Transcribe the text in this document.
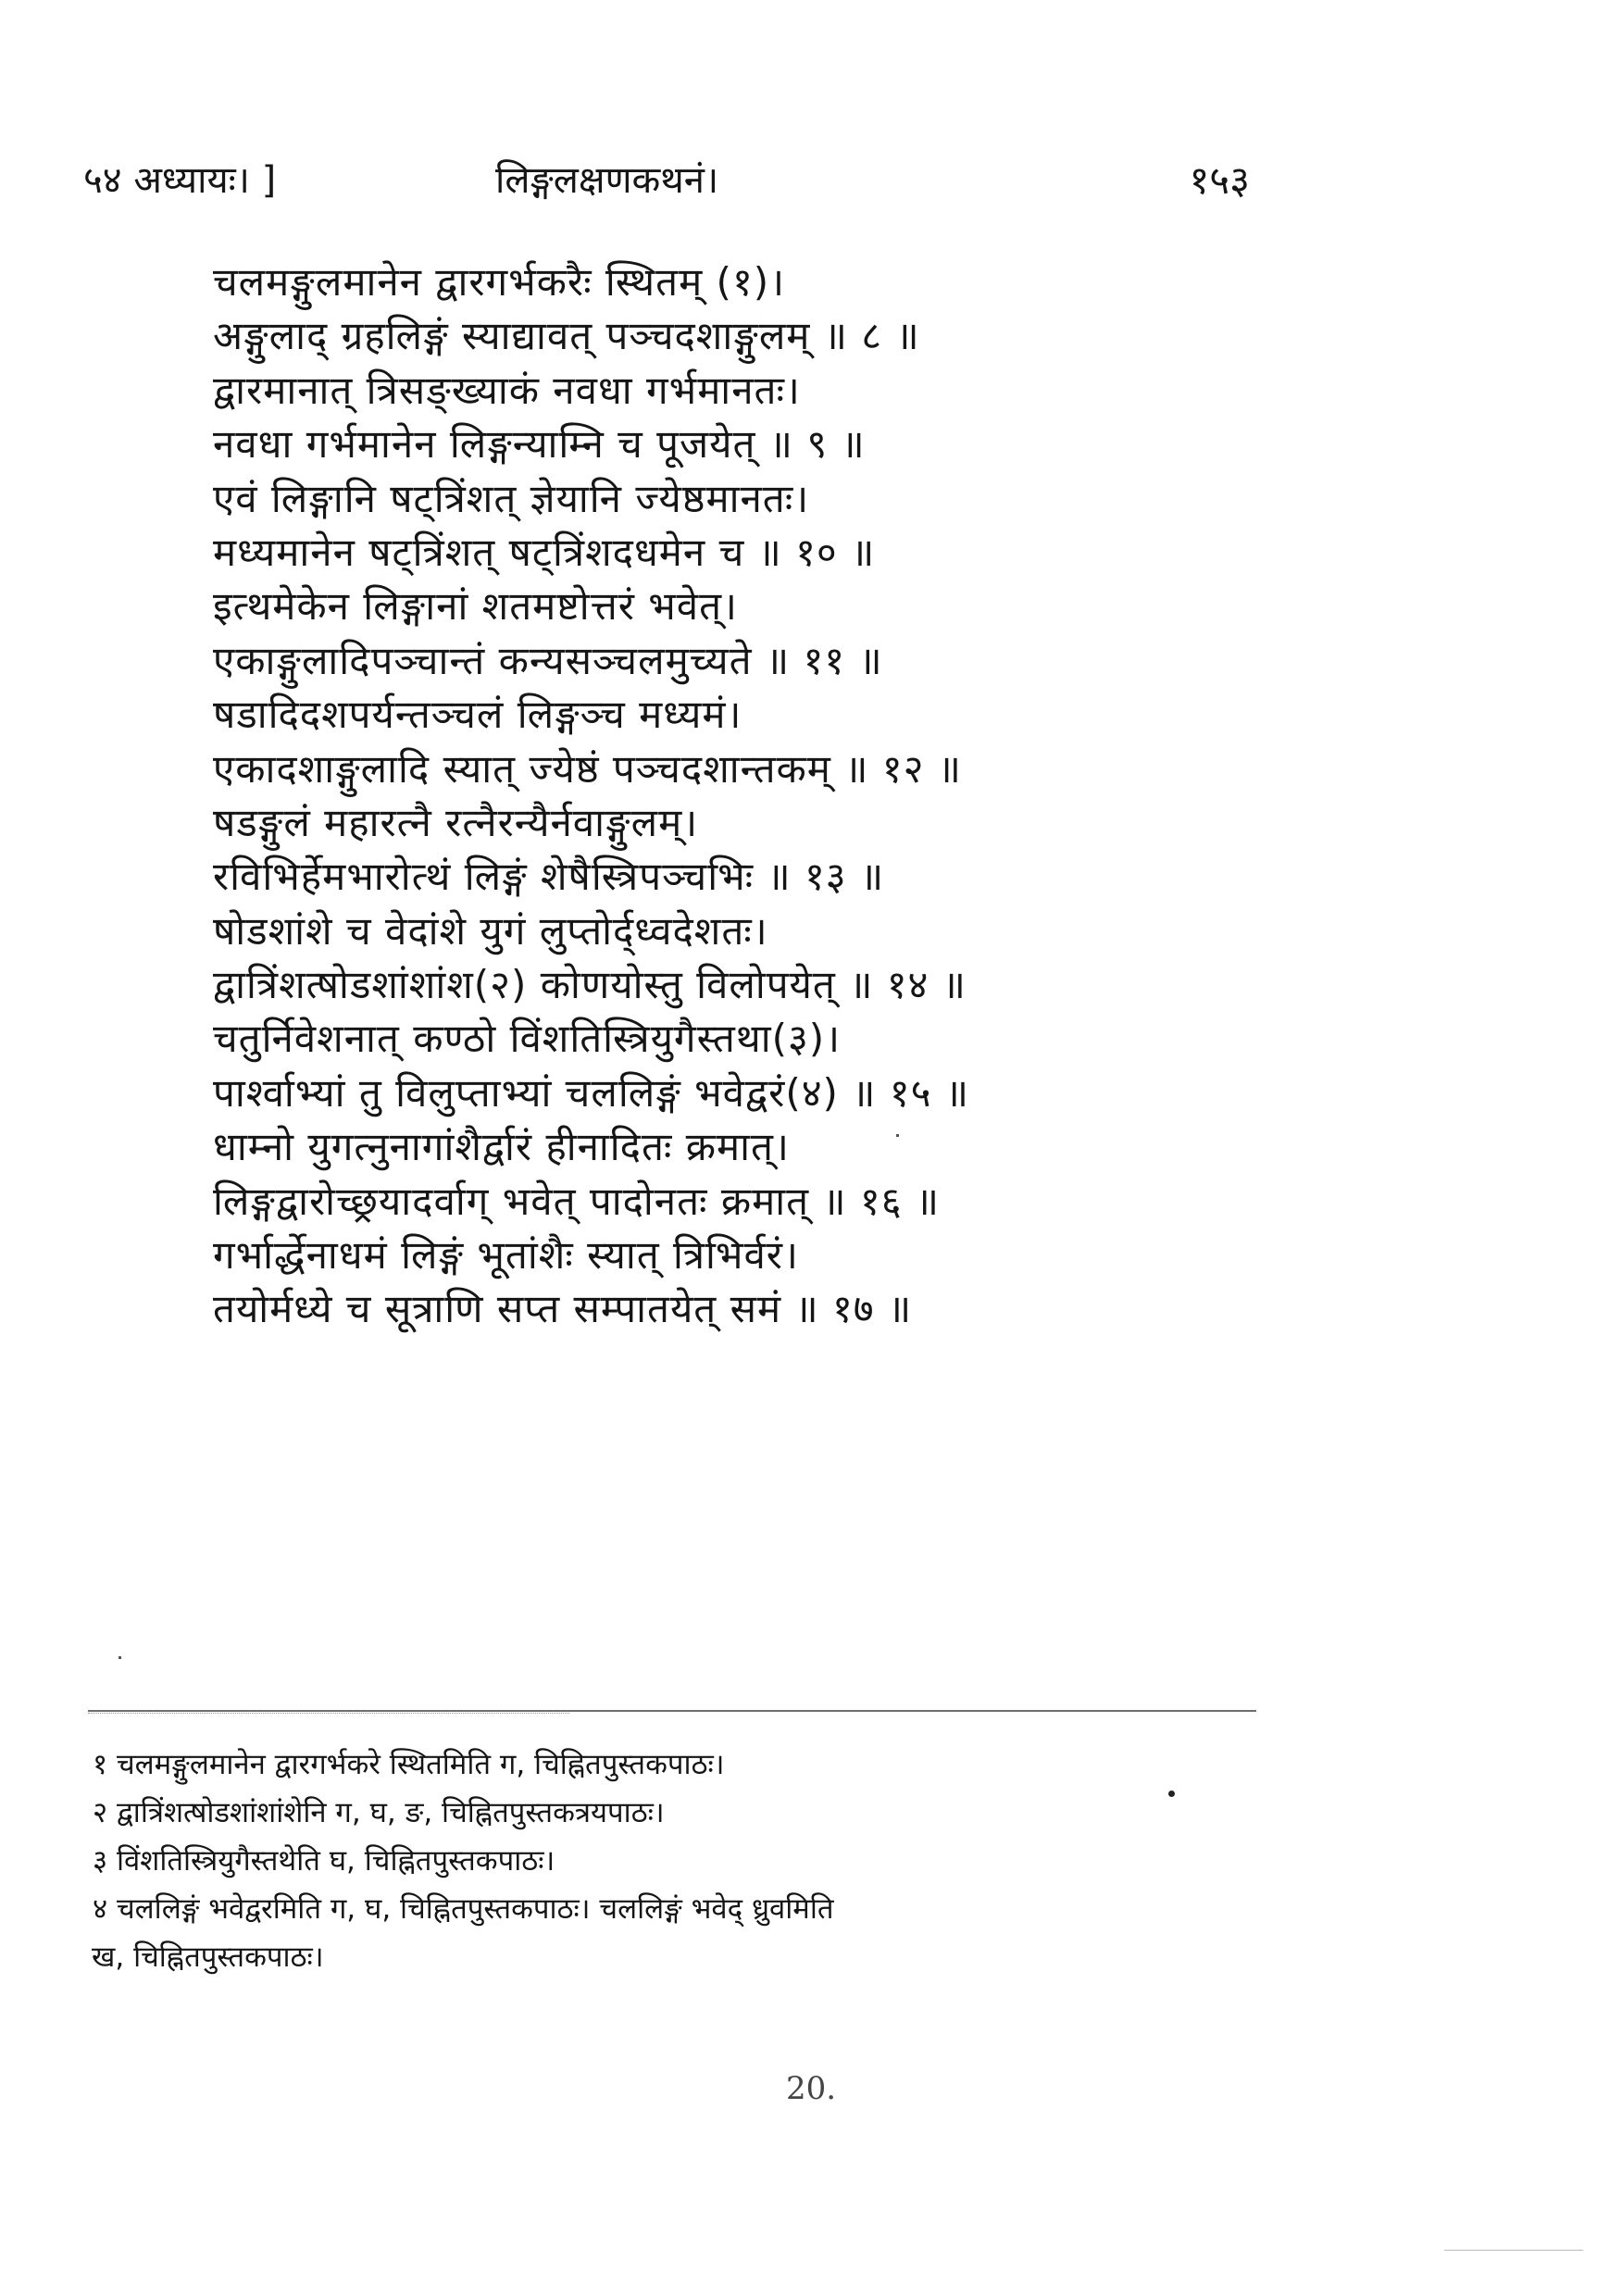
५४ अध्यायः। ]	लिङ्गलक्षणकथनं।	१५३
चलमङ्गुलमानेन द्वारगर्भकरैः स्थितम् (१)।
अङ्गुलाद् ग्रहलिङ्गं स्याद्यावत् पञ्चदशाङ्गुलम् ॥ ८ ॥
द्वारमानात् त्रिसङ्ख्याकं नवधा गर्भमानतः।
नवधा गर्भमानेन लिङ्गन्याम्नि च पूजयेत् ॥ ९ ॥
एवं लिङ्गानि षट्त्रिंशत् ज्ञेयानि ज्येष्ठमानतः।
मध्यमानेन षट्त्रिंशत् षट्त्रिंशदधमेन च ॥ १० ॥
इत्थमेकेन लिङ्गानां शतमष्टोत्तरं भवेत्।
एकाङ्गुलादिपञ्चान्तं कन्यसञ्चलमुच्यते ॥ ११ ॥
षडादिदशपर्यन्तञ्चलं लिङ्गञ्च मध्यमं।
एकादशाङ्गुलादि स्यात् ज्येष्ठं पञ्चदशान्तकम् ॥ १२ ॥
षडङ्गुलं महारत्नै रत्नैरन्यैर्नवाङ्गुलम्।
रविभिर्हेमभारोत्थं लिङ्गं शेषैस्त्रिपञ्चभिः ॥ १३ ॥
षोडशांशे च वेदांशे युगं लुप्तोर्द्ध्वदेशतः।
द्वात्रिंशत्षोडशांशांश(२) कोणयोस्तु विलोपयेत् ॥ १४ ॥
चतुर्निवेशनात् कण्ठो विंशतिस्त्रियुगैस्तथा(३)।
पार्श्वाभ्यां तु विलुप्ताभ्यां चललिङ्गं भवेद्वरं(४) ॥ १५ ॥
धाम्नो युगत्नुनागांशैर्द्वारं हीनादितः क्रमात्।
लिङ्गद्वारोच्छ्रयादर्वाग् भवेत् पादोनतः क्रमात् ॥ १६ ॥
गर्भार्द्धेनाधमं लिङ्गं भूतांशैः स्यात् त्रिभिर्वरं।
तयोर्मध्ये च सूत्राणि सप्त सम्पातयेत् समं ॥ १७ ॥
१ चलमङ्गुलमानेन द्वारगर्भकरे स्थितमिति ग, चिह्नितपुस्तकपाठः।
२ द्वात्रिंशत्षोडशांशांशेनि ग, घ, ङ, चिह्नितपुस्तकत्रयपाठः।
३ विंशतिस्त्रियुगैस्तथेति घ, चिह्नितपुस्तकपाठः।
४ चललिङ्गं भवेद्वरमिति ग, घ, चिह्नितपुस्तकपाठः। चललिङ्गं भवेद् ध्रुवमिति
ख, चिह्नितपुस्तकपाठः।
20.
